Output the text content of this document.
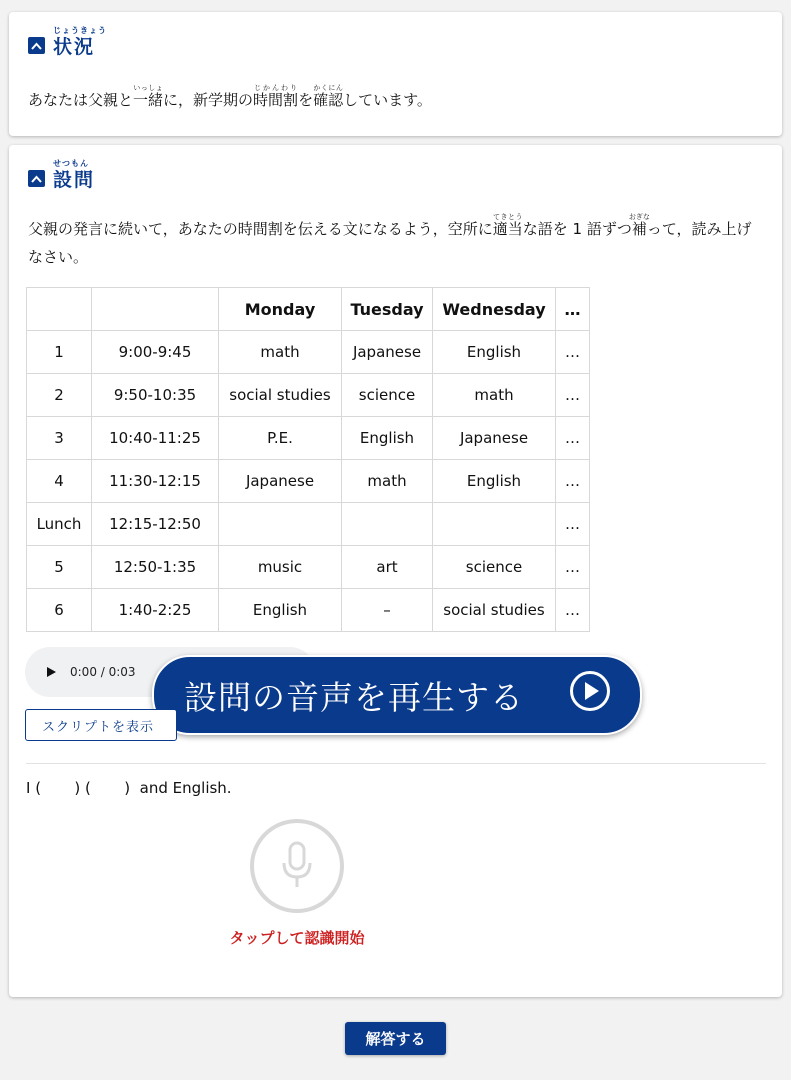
じょうきょう
状況
あなたは父親と一緒いっしょに，新学期の時間割じかんわりを確認かくにんしています。
せつもん
設問
父親の発言に続いて，あなたの時間割を伝える文になるよう，空所に適当てきとうな語を 1 語ずつ補おぎなって，読み上げなさい。
		Monday	Tuesday	Wednesday	…
1	9:00-9:45	math	Japanese	English	…
2	9:50-10:35	social studies	science	math	…
3	10:40-11:25	P.E.	English	Japanese	…
4	11:30-12:15	Japanese	math	English	…
Lunch	12:15-12:50				…
5	12:50-1:35	music	art	science	…
6	1:40-2:25	English	–	social studies	…
0:00 / 0:03
設問の音声を再生する
スクリプトを表示
I (       ) (       )  and English.
タップして認識開始
解答する
